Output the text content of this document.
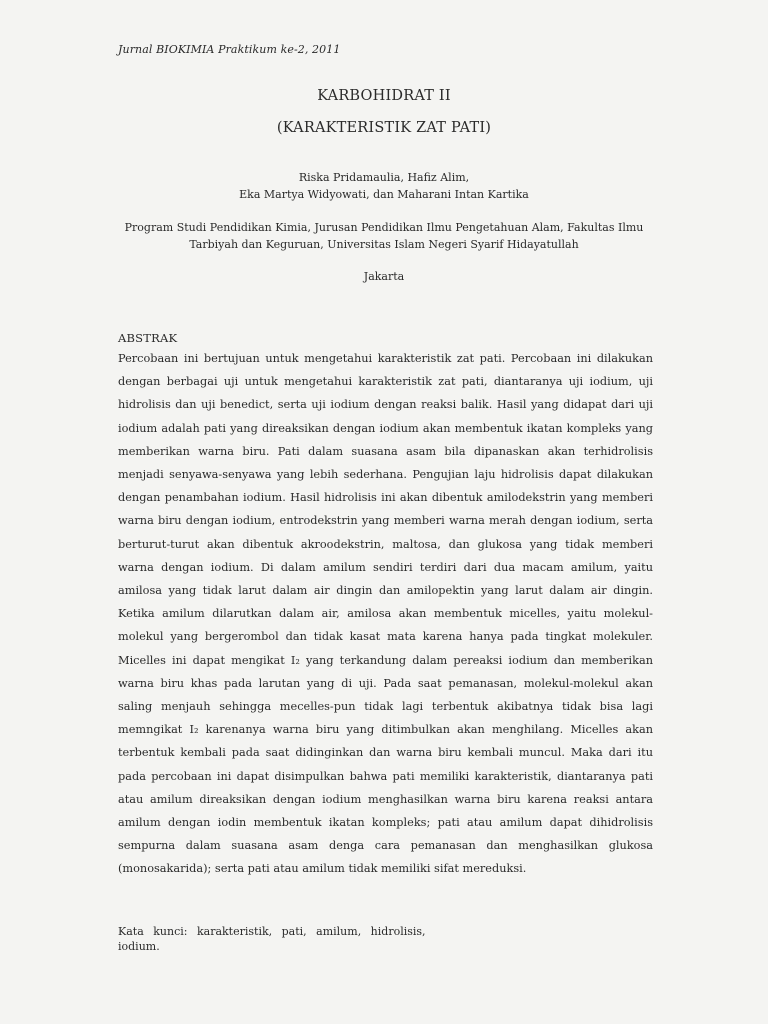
Jurnal BIOKIMIA Praktikum ke-2, 2011
KARBOHIDRAT II
(KARAKTERISTIK ZAT PATI)
Riska Pridamaulia, Hafiz Alim,
Eka Martya Widyowati, dan Maharani Intan Kartika
Program Studi Pendidikan Kimia, Jurusan Pendidikan Ilmu Pengetahuan Alam, Fakultas Ilmu
Tarbiyah dan Keguruan, Universitas Islam Negeri Syarif Hidayatullah
Jakarta
ABSTRAK
Percobaan ini bertujuan untuk mengetahui karakteristik zat pati. Percobaan ini dilakukan dengan berbagai uji untuk mengetahui karakteristik zat pati, diantaranya uji iodium, uji hidrolisis dan uji benedict, serta uji iodium dengan reaksi balik. Hasil yang didapat dari uji iodium adalah pati yang direaksikan dengan iodium akan membentuk ikatan kompleks yang memberikan warna biru. Pati dalam suasana asam bila dipanaskan akan terhidrolisis menjadi senyawa-senyawa yang lebih sederhana. Pengujian laju hidrolisis dapat dilakukan dengan penambahan iodium. Hasil hidrolisis ini akan dibentuk amilodekstrin yang memberi warna biru dengan iodium, entrodekstrin yang memberi warna merah dengan iodium, serta berturut-turut akan dibentuk akroodekstrin, maltosa, dan glukosa yang tidak memberi warna dengan iodium. Di dalam amilum sendiri terdiri dari dua macam amilum, yaitu amilosa yang tidak larut dalam air dingin dan amilopektin yang larut dalam air dingin. Ketika amilum dilarutkan dalam air, amilosa akan membentuk micelles, yaitu molekul-molekul yang bergerombol dan tidak kasat mata karena hanya pada tingkat molekuler. Micelles ini dapat mengikat I₂ yang terkandung dalam pereaksi iodium dan memberikan warna biru khas pada larutan yang di uji. Pada saat pemanasan, molekul-molekul akan saling menjauh sehingga mecelles-pun tidak lagi terbentuk akibatnya tidak bisa lagi memngikat I₂ karenanya warna biru yang ditimbulkan akan menghilang. Micelles akan terbentuk kembali pada saat didinginkan dan warna biru kembali muncul. Maka dari itu pada percobaan ini dapat disimpulkan bahwa pati memiliki karakteristik, diantaranya pati atau amilum direaksikan dengan iodium menghasilkan warna biru karena reaksi antara amilum dengan iodin membentuk ikatan kompleks; pati atau amilum dapat dihidrolisis sempurna dalam suasana asam denga cara pemanasan dan menghasilkan glukosa (monosakarida); serta pati atau amilum tidak memiliki sifat mereduksi.
Kata kunci: karakteristik, pati, amilum, hidrolisis, iodium.
